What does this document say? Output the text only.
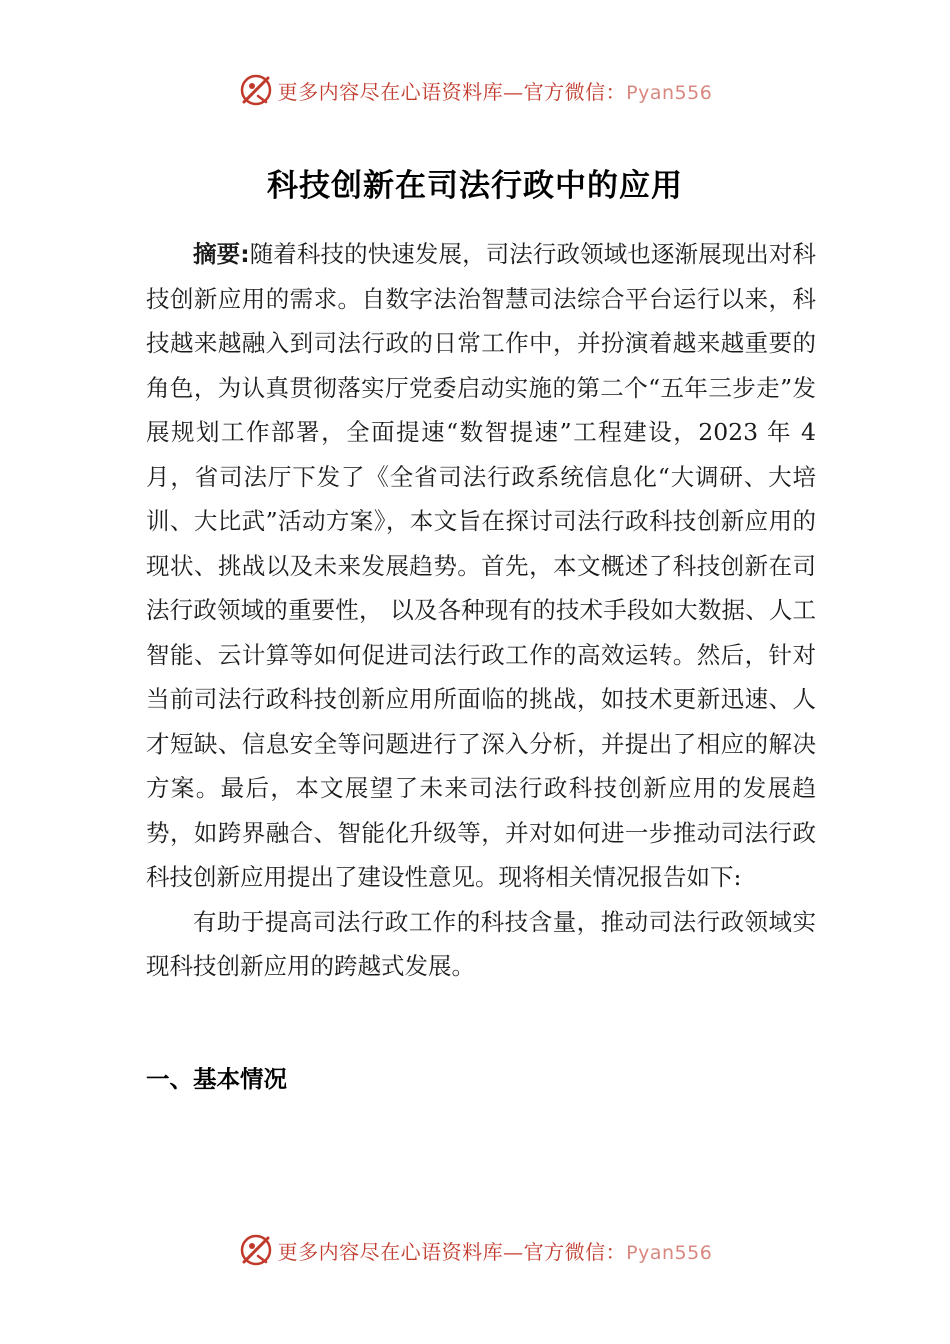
更多内容尽在心语资料库—官方微信：Pyan556
科技创新在司法行政中的应用

摘要:随着科技的快速发展，司法行政领域也逐渐展现出对科技创新应用的需求。自数字法治智慧司法综合平台运行以来，科技越来越融入到司法行政的日常工作中，并扮演着越来越重要的角色，为认真贯彻落实厅党委启动实施的第二个“五年三步走”发展规划工作部署，全面提速“数智提速”工程建设，2023 年 4 月，省司法厅下发了《全省司法行政系统信息化“大调研、大培训、大比武”活动方案》，本文旨在探讨司法行政科技创新应用的现状、挑战以及未来发展趋势。首先，本文概述了科技创新在司法行政领域的重要性， 以及各种现有的技术手段如大数据、人工智能、云计算等如何促进司法行政工作的高效运转。然后，针对当前司法行政科技创新应用所面临的挑战，如技术更新迅速、人才短缺、信息安全等问题进行了深入分析，并提出了相应的解决方案。最后，本文展望了未来司法行政科技创新应用的发展趋势，如跨界融合、智能化升级等，并对如何进一步推动司法行政科技创新应用提出了建设性意见。现将相关情况报告如下:

有助于提高司法行政工作的科技含量，推动司法行政领域实现科技创新应用的跨越式发展。

一、基本情况
更多内容尽在心语资料库—官方微信：Pyan556
